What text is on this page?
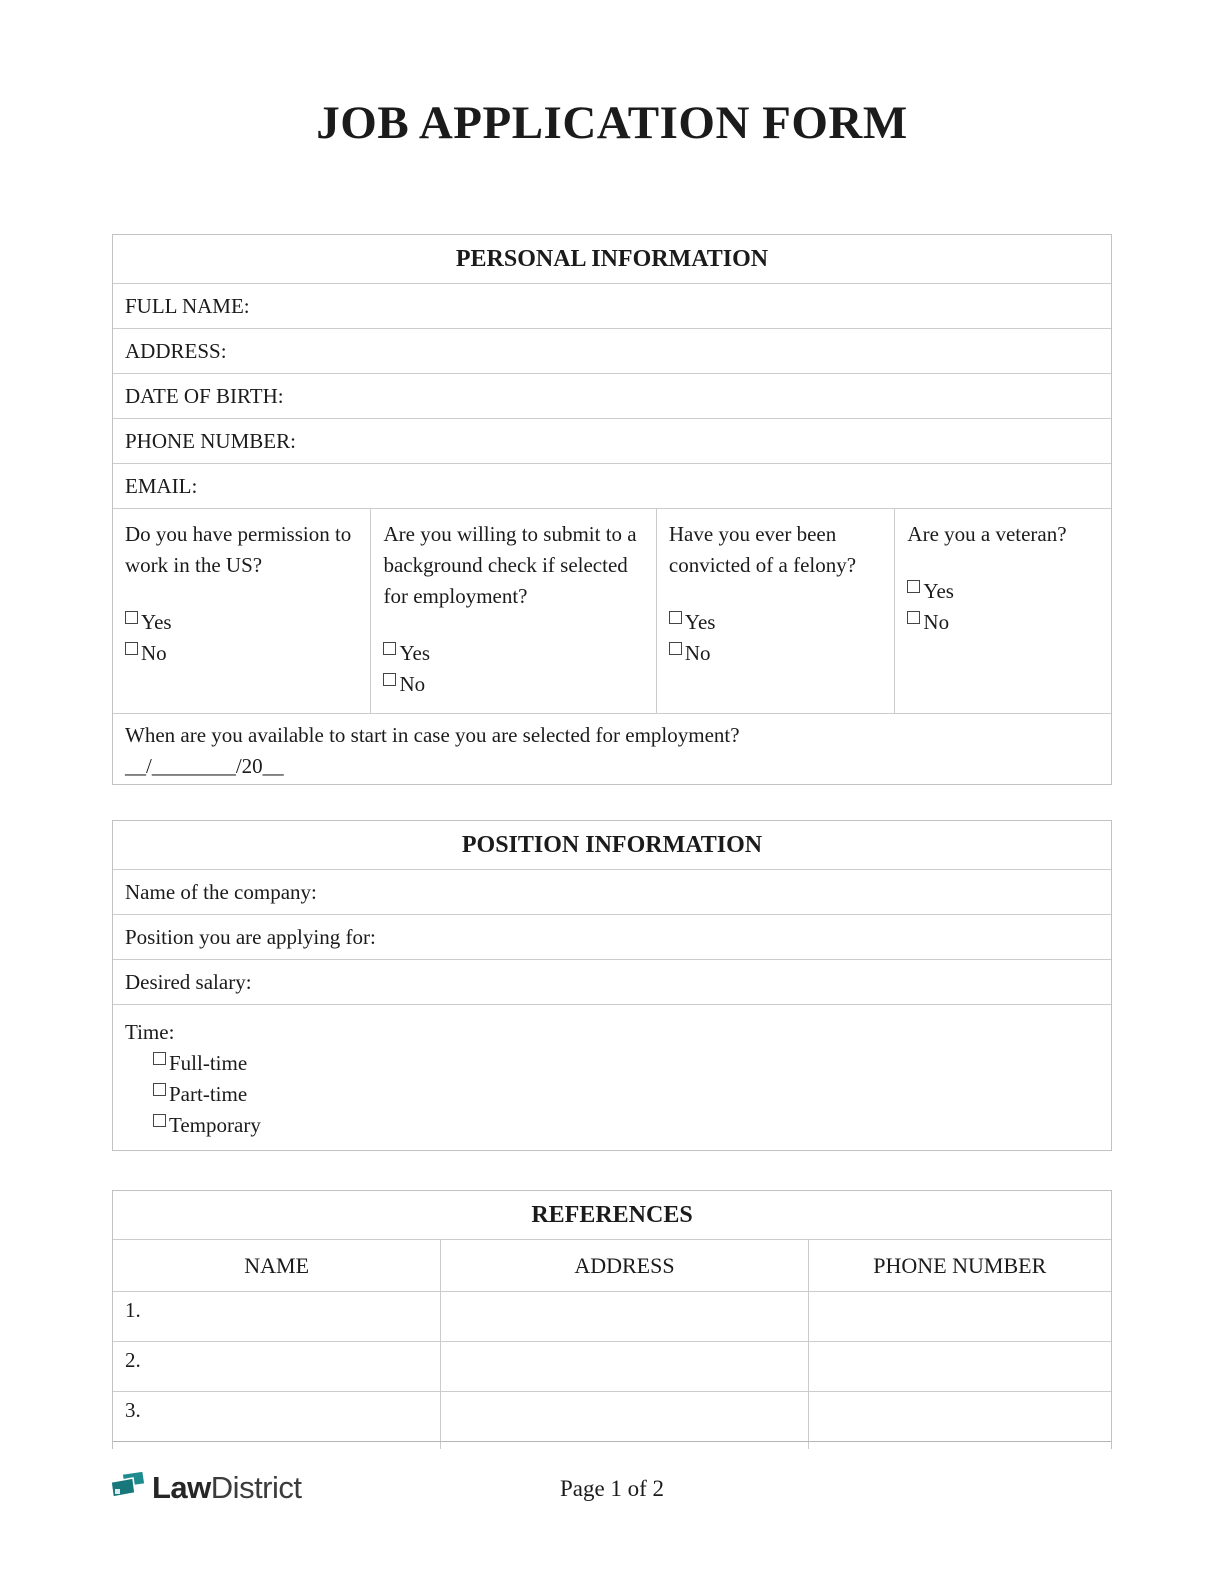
JOB APPLICATION FORM
PERSONAL INFORMATION
FULL NAME:
ADDRESS:
DATE OF BIRTH:
PHONE NUMBER:
EMAIL:
Do you have permission to work in the US?
Yes
No
Are you willing to submit to a background check if selected for employment?
Yes
No
Have you ever been convicted of a felony?
Yes
No
Are you a veteran?
Yes
No
When are you available to start in case you are selected for employment?
__/________/20__
POSITION INFORMATION
Name of the company:
Position you are applying for:
Desired salary:
Time:
Full-time
Part-time
Temporary
REFERENCES
NAME	ADDRESS	PHONE NUMBER
1.
2.
3.
LawDistrict	Page 1 of 2
